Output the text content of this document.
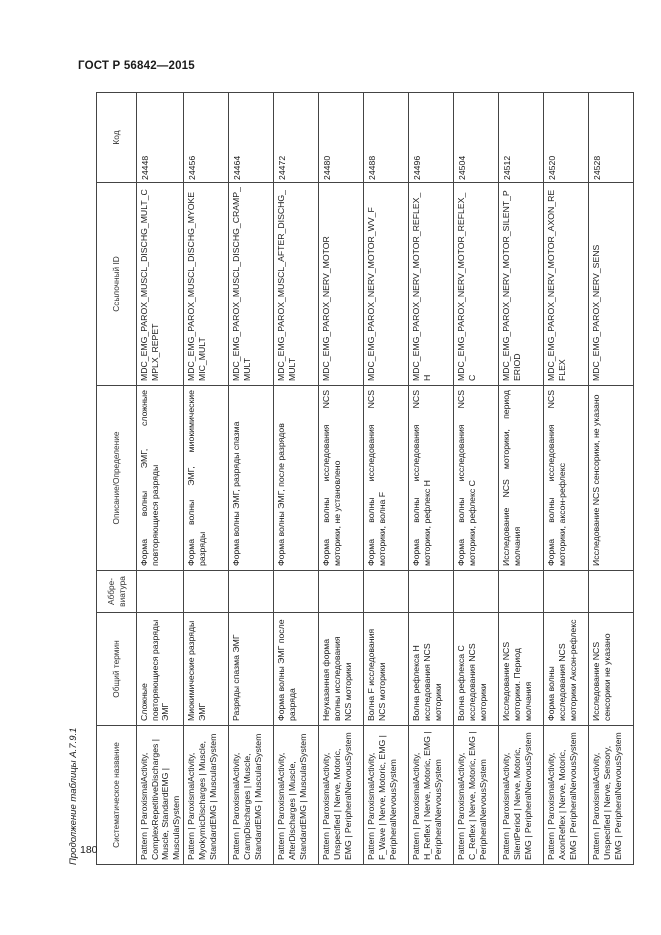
ГОСТ Р 56842—2015
Продолжение таблицы А.7.9.1	Систематическое название	Общий термин	Аббре-виатура	Описание/Определение	Ссылочный ID	Код
Pattern | ParoxismalActivity, ComplexRepetitiveDischarges | Muscle, StandardEMG | MuscularSystem	Сложные повторяющиеся разряды ЭМГ		Форма волны ЭМГ, сложные повторяющиеся разряды	MDC_EMG_PAROX_MUSCL_DISCHG_MULT_CMPLX_REPET	24448
Pattern | ParoxismalActivity, MyokymicDischarges | Muscle, StandardEMG | MuscularSystem	Миокимические разряды ЭМГ		Форма волны ЭМГ, миокимические разряды	MDC_EMG_PAROX_MUSCL_DISCHG_MYOKEMIC_MULT	24456
Pattern | ParoxismalActivity, CrampDischarges | Muscle, StandardEMG | MuscularSystem	Разряды спазма ЭМГ		Форма волны ЭМГ, разряды спазма	MDC_EMG_PAROX_MUSCL_DISCHG_CRAMP_MULT	24464
Pattern | ParoxismalActivity, AfterDischarges | Muscle, StandardEMG | MuscularSystem	Форма волны ЭМГ после разряда		Форма волны ЭМГ, после разрядов	MDC_EMG_PAROX_MUSCL_AFTER_DISCHG_MULT	24472
Pattern | ParoxismalActivity, Unspecified | Nerve, Motoric, EMG | PeripheralNervousSystem	Неуказанная форма волны исследования NCS моторики		Форма волны исследования NCS моторики, не установлено	MDC_EMG_PAROX_NERV_MOTOR	24480
Pattern | ParoxismalActivity, F_Wave | Nerve, Motoric, EMG | PeripheralNervousSystem	Волна F исследования NCS моторики		Форма волны исследования NCS моторики, волна F	MDC_EMG_PAROX_NERV_MOTOR_WV_F	24488
Pattern | ParoxismalActivity, H_Reflex | Nerve, Motoric, EMG | PeripheralNervousSystem	Волна рефлекса H исследования NCS моторики		Форма волны исследования NCS моторики, рефлекс H	MDC_EMG_PAROX_NERV_MOTOR_REFLEX_H	24496
Pattern | ParoxismalActivity, C_Reflex | Nerve, Motoric, EMG | PeripheralNervousSystem	Волна рефлекса C исследования NCS моторики		Форма волны исследования NCS моторики, рефлекс C	MDC_EMG_PAROX_NERV_MOTOR_REFLEX_C	24504
Pattern | ParoxismalActivity, SilentPeriod | Nerve, Motoric, EMG | PeripheralNervousSystem	Исследование NCS моторики. Период молчания		Исследование NCS моторики, период молчания	MDC_EMG_PAROX_NERV_MOTOR_SILENT_PERIOD	24512
Pattern | ParoxismalActivity, AxonReflex | Nerve, Motoric, EMG | PeripheralNervousSystem	Форма волны исследования NCS моторики Аксон-рефлекс		Форма волны исследования NCS моторики, аксон-рефлекс	MDC_EMG_PAROX_NERV_MOTOR_AXON_REFLEX	24520
Pattern | ParoxismalActivity, Unspecified | Nerve, Sensory, EMG | PeripheralNervousSystem	Исследование NCS сенсорики не указано		Исследование NCS сенсорики, не указано	MDC_EMG_PAROX_NERV_SENS	24528
180
